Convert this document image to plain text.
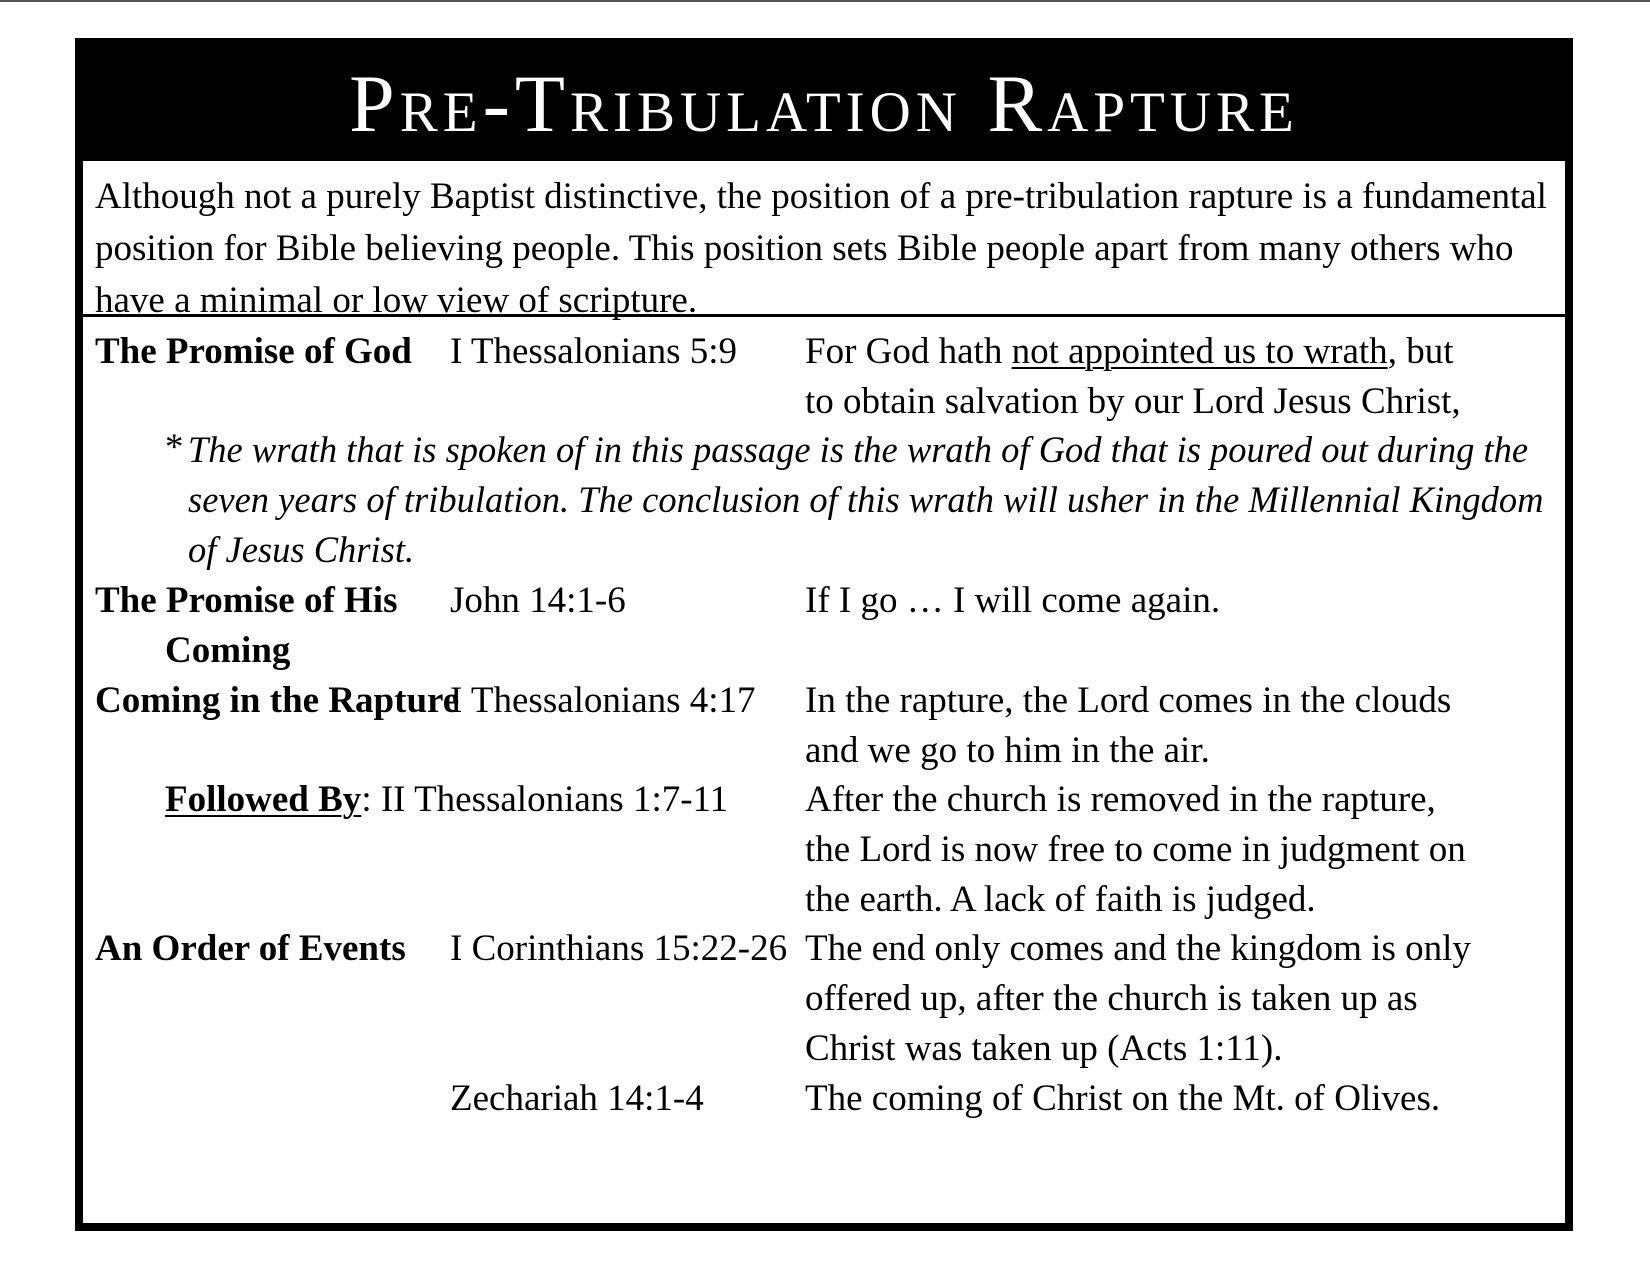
Pre-Tribulation Rapture
Although not a purely Baptist distinctive, the position of a pre-tribulation rapture is a fundamental position for Bible believing people. This position sets Bible people apart from many others who have a minimal or low view of scripture.
The Promise of God I Thessalonians 5:9 For God hath not appointed us to wrath, but
to obtain salvation by our Lord Jesus Christ,
* The wrath that is spoken of in this passage is the wrath of God that is poured out during the seven years of tribulation. The conclusion of this wrath will usher in the Millennial Kingdom of Jesus Christ.
The Promise of His
Coming
John 14:1-6	If I go … I will come again.
Coming in the Rapture
I Thessalonians 4:17 In the rapture, the Lord comes in the clouds
and we go to him in the air.
Followed By: II Thessalonians 1:7-11 After the church is removed in the rapture,
the Lord is now free to come in judgment on
the earth. A lack of faith is judged.
An Order of Events I Corinthians 15:22-26 The end only comes and the kingdom is only
offered up, after the church is taken up as
Christ was taken up (Acts 1:11).
Zechariah 14:1-4	The coming of Christ on the Mt. of Olives.
